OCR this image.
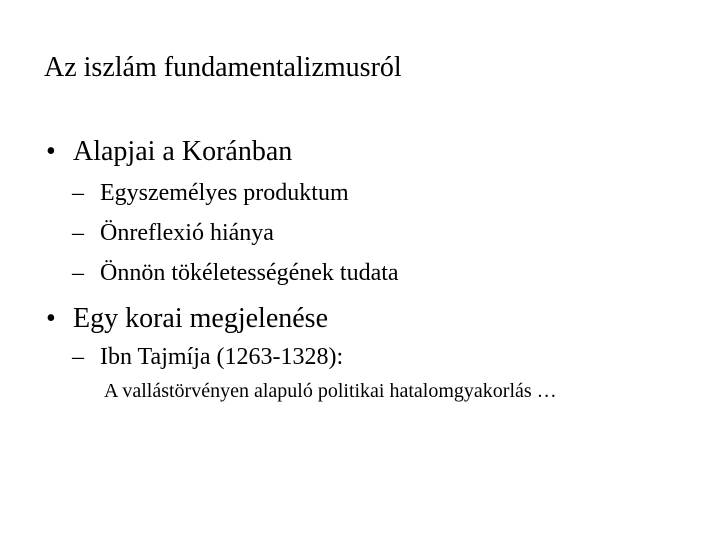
Az iszlám fundamentalizmusról
• Alapjai a Koránban
– Egyszemélyes produktum
– Önreflexió hiánya
– Önnön tökéletességének tudata
• Egy korai megjelenése
– Ibn Tajmíja (1263-1328):
A vallástörvényen alapuló politikai hatalomgyakorlás …
